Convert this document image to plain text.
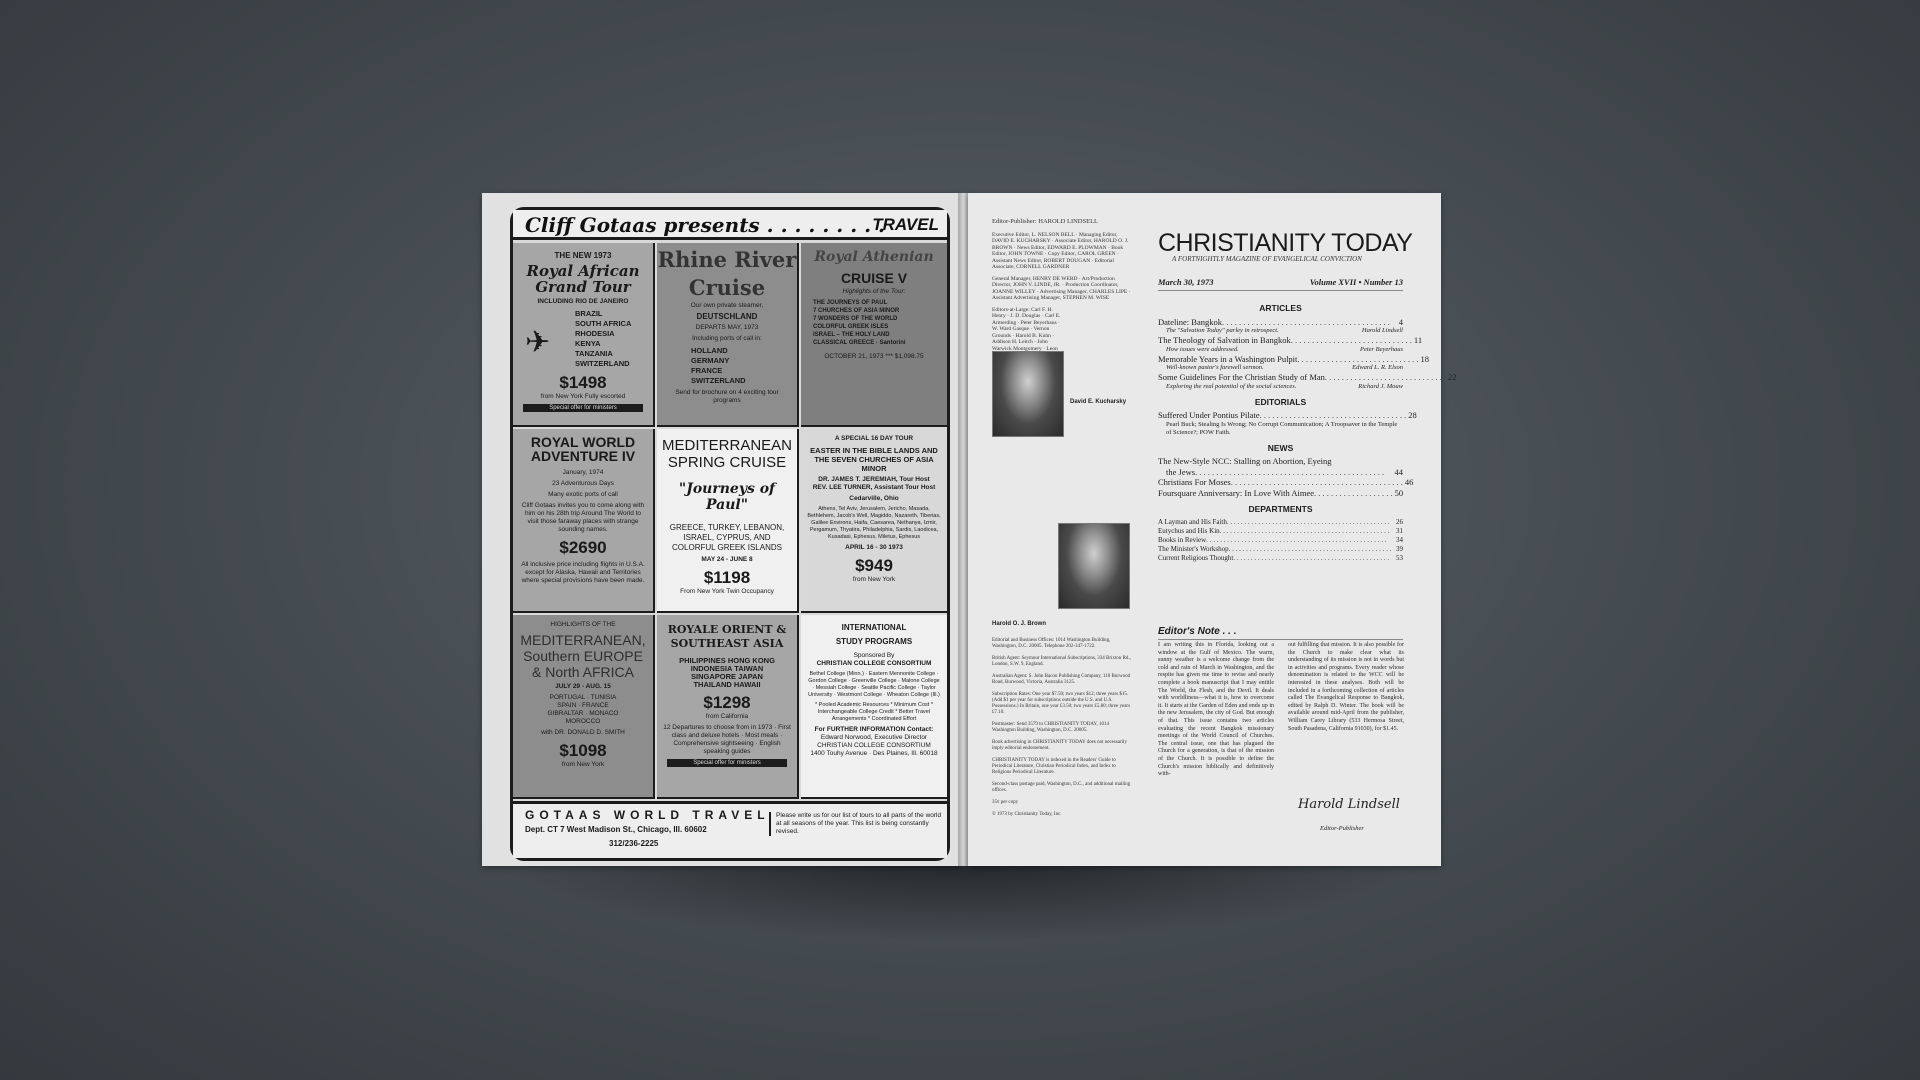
Cliff Gotaas presents . . . . . . . . .
TRAVEL
THE NEW 1973
Royal African
Grand Tour
INCLUDING RIO DE JANEIRO
✈
BRAZIL
SOUTH AFRICA
RHODESIA
KENYA
TANZANIA
SWITZERLAND
$1498
from New York Fully escorted
Special offer for ministers
Rhine River
Cruise
Our own private steamer,
DEUTSCHLAND
DEPARTS MAY, 1973
Including ports of call in:
HOLLAND
GERMANY
FRANCE
SWITZERLAND
Send for brochure on 4 exciting tour programs
Royal Athenian
CRUISE V
Highlights of the Tour:
THE JOURNEYS OF PAUL
7 CHURCHES OF ASIA MINOR
7 WONDERS OF THE WORLD
COLORFUL GREEK ISLES
ISRAEL – THE HOLY LAND
CLASSICAL GREECE · Santorini
OCTOBER 21, 1973 *** $1,098.75
ROYAL WORLD
ADVENTURE IV
January, 1974
23 Adventurous Days
Many exotic ports of call
Cliff Gotaas invites you to come along with him on his 28th trip Around The World to visit those faraway places with strange sounding names.
$2690
All inclusive price including flights in U.S.A. except for Alaska, Hawaii and Territories where special provisions have been made.
MEDITERRANEAN
SPRING CRUISE
"Journeys of Paul"
GREECE, TURKEY, LEBANON, ISRAEL, CYPRUS, AND COLORFUL GREEK ISLANDS
MAY 24 - JUNE 8
$1198
From New York Twin Occupancy
A SPECIAL 16 DAY TOUR
EASTER IN THE BIBLE LANDS AND THE SEVEN CHURCHES OF ASIA MINOR
DR. JAMES T. JEREMIAH, Tour Host
REV. LEE TURNER, Assistant Tour Host
Cedarville, Ohio
Athens, Tel Aviv, Jerusalem, Jericho, Masada, Bethlehem, Jacob's Well, Magiddo, Nazareth, Tiberias, Galilee Environs, Haifa, Caesarea, Nethanya, Izmir, Pergamum, Thyatira, Philadelphia, Sardis, Laodicea, Kusadasi, Ephesus, Miletus, Ephesus
APRIL 16 - 30 1973
$949
from New York
HIGHLIGHTS OF THE
MEDITERRANEAN,
Southern EUROPE
& North AFRICA
JULY 29 - AUG. 15
PORTUGAL · TUNISIA
SPAIN · FRANCE
GIBRALTAR · MONACO
MOROCCO
with DR. DONALD D. SMITH
$1098
from New York
ROYALE ORIENT &
SOUTHEAST ASIA
PHILIPPINES HONG KONG
INDONESIA TAIWAN
SINGAPORE JAPAN
THAILAND HAWAII
$1298
from California
12 Departures to choose from in 1973 · First class and deluxe hotels · Most meals · Comprehensive sightseeing · English speaking guides
Special offer for ministers
INTERNATIONAL
STUDY PROGRAMS
Sponsored By
CHRISTIAN COLLEGE CONSORTIUM
Bethel College (Minn.) · Eastern Mennonite College · Gordon College · Greenville College · Malone College · Messiah College · Seattle Pacific College · Taylor University · Westmont College · Wheaton College (Ill.)
* Pooled Academic Resources * Minimum Cost * Interchangeable College Credit * Better Travel Arrangements * Coordinated Effort
For FURTHER INFORMATION Contact:
Edward Norwood, Executive Director
CHRISTIAN COLLEGE CONSORTIUM
1400 Touhy Avenue · Des Plaines, Ill. 60018
GOTAAS WORLD TRAVEL
Dept. CT 7 West Madison St., Chicago, Ill. 60602
312/236-2225
Please write us for our list of tours to all parts of the world at all seasons of the year. This list is being constantly revised.
Editor-Publisher: HAROLD LINDSELL
Executive Editor, L. NELSON BELL · Managing Editor, DAVID E. KUCHARSKY · Associate Editor, HAROLD O. J. BROWN · News Editor, EDWARD E. PLOWMAN · Book Editor, JOHN TOWNE · Copy Editor, CAROL GREEN · Assistant News Editor, ROBERT DOUGAN · Editorial Associate, CORNELL GARDNER
General Manager, HENRY DE WERD · Art/Production Director, JOHN V. LINDE, JR. · Production Coordinator, JOANNE WILLEY · Advertising Manager, CHARLES LIPE · Assistant Advertising Manager, STEPHEN M. WISE
Editors-at-Large: Carl F. H. Henry · J. D. Douglas · Carl E. Armerding · Peter Beyerhaus · W. Ward Gasque · Vernon Grounds · Harold B. Kuhn · Addison H. Leitch · John Warwick Montgomery · Leon
David E. Kucharsky
Harold O. J. Brown

Editorial and Business Offices: 1014 Washington Building, Washington, D.C. 20005. Telephone 202-347-1722.

British Agent: Seymour International Subscriptions, 334 Brixton Rd., London, S.W. 9, England.

Australian Agent: S. John Bacon Publishing Company, 110 Burwood Road, Burwood, Victoria, Australia 3125.

Subscription Rates: One year $7.50; two years $12; three years $15. (Add $1 per year for subscriptions outside the U.S. and U.S. Possessions.) In Britain, one year £3.50; two years £5.80; three years £7.10.

Postmaster: Send 3579 to CHRISTIANITY TODAY, 1014 Washington Building, Washington, D.C. 20005.

Book advertising in CHRISTIANITY TODAY does not necessarily imply editorial endorsement.

CHRISTIANITY TODAY is indexed in the Readers' Guide to Periodical Literature, Christian Periodical Index, and Index to Religious Periodical Literature.

Second-class postage paid, Washington, D.C., and additional mailing offices.

35¢ per copy

© 1973 by Christianity Today, Inc.

CHRISTIANITY TODAY
A FORTNIGHTLY MAGAZINE OF EVANGELICAL CONVICTION
March 30, 1973	Volume XVII • Number 13
ARTICLES
Dateline: Bangkok . . . . . . . . . . . . . . . . . . . . . . . . . . . . . . . . . . . . . . . .	4
The "Salvation Today" parley in retrospect.	Harold Lindsell
The Theology of Salvation in Bangkok . . . . . . . . . . . . . . . . . . . . . . . . . . . . . 11
How issues were addressed.	Peter Beyerhaus
Memorable Years in a Washington Pulpit . . . . . . . . . . . . . . . . . . . . . . . . . . . . . 18
Well-known pastor's farewell sermon.	Edward L. R. Elson
Some Guidelines For the Christian Study of Man . . . . . . . . . . . . . . . . . . . . . . . . . . . . . 22
Exploring the real potential of the social sciences.	Richard J. Mouw
EDITORIALS
Suffered Under Pontius Pilate . . . . . . . . . . . . . . . . . . . . . . . . . . . . . . . . . . . 28
Pearl Buck; Stealing Is Wrong; No Corrupt Communication; A Troopsaver in the Temple of Science?; POW Faith.
NEWS
The New-Style NCC: Stalling on Abortion, Eyeing
the Jews . . . . . . . . . . . . . . . . . . . . . . . . . . . . . . . . . . . . . . . . . . . . .	44
Christians For Moses . . . . . . . . . . . . . . . . . . . . . . . . . . . . . . . . . . . . . . . . . 46
Foursquare Anniversary: In Love With Aimee . . . . . . . . . . . . . . . . . . . 50
DEPARTMENTS
A Layman and His Faith . . . . . . . . . . . . . . . . . . . . . . . . . . . . . . . . . . . . . . . . . . . . . . . 26
Eutychus and His Kin . . . . . . . . . . . . . . . . . . . . . . . . . . . . . . . . . . . . . . . . . . . . . . . . . 31
Books in Review . . . . . . . . . . . . . . . . . . . . . . . . . . . . . . . . . . . . . . . . . . . . . . . . . . . .	34
The Minister's Workshop . . . . . . . . . . . . . . . . . . . . . . . . . . . . . . . . . . . . . . . . . . . . . . . 39
Current Religious Thought . . . . . . . . . . . . . . . . . . . . . . . . . . . . . . . . . . . . . . . . . . . . . 53
Editor's Note . . .
I am writing this in Florida, looking out a window at the Gulf of Mexico. The warm, sunny weather is a welcome change from the cold and rain of March in Washington, and the respite has given me time to revise and nearly complete a book manuscript that I may entitle The World, the Flesh, and the Devil. It deals with worldliness—what it is, how to overcome it. It starts at the Garden of Eden and ends up in the new Jerusalem, the city of God. But enough of that. This issue contains two articles evaluating the recent Bangkok missionary meetings of the World Council of Churches. The central issue, one that has plagued the Church for a generation, is that of the mission of the Church. It is possible to define the Church's mission biblically and definitively with-
out fulfilling that mission. It is also possible for the Church to make clear what its understanding of its mission is not in words but in activities and programs. Every reader whose denomination is related to the WCC will be interested in these analyses. Both will be included in a forthcoming collection of articles called The Evangelical Response to Bangkok, edited by Ralph D. Winter. The book will be available around mid-April from the publisher, William Carey Library (533 Hermosa Street, South Pasadena, California 91030), for $1.45.
Harold Lindsell
Editor-Publisher
